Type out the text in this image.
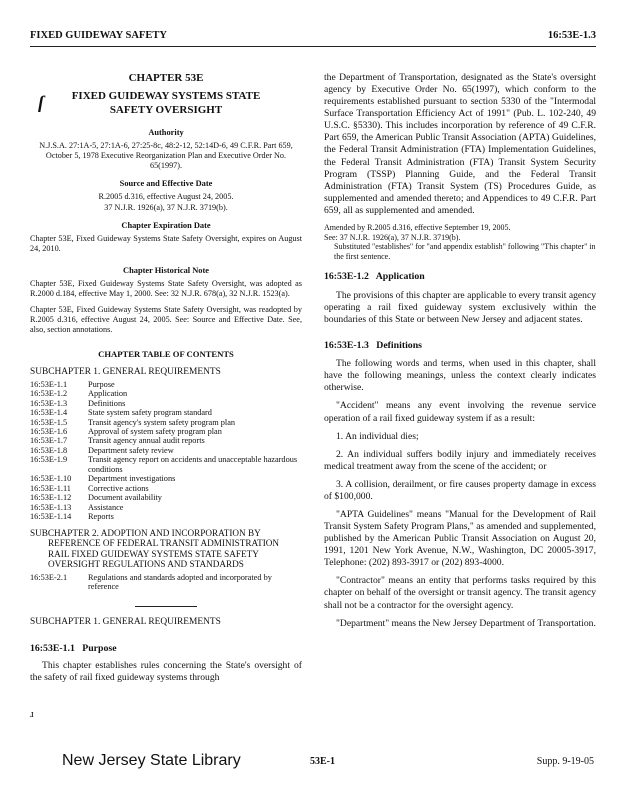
FIXED GUIDEWAY SAFETY	16:53E-1.3
ſ
ɹ
CHAPTER 53E
FIXED GUIDEWAY SYSTEMS STATE SAFETY OVERSIGHT
Authority
N.J.S.A. 27:1A-5, 27:1A-6, 27:25-8c, 48:2-12, 52:14D-6, 49 C.F.R. Part 659, October 5, 1978 Executive Reorganization Plan and Executive Order No. 65(1997).
Source and Effective Date
R.2005 d.316, effective August 24, 2005.
37 N.J.R. 1926(a), 37 N.J.R. 3719(b).
Chapter Expiration Date
Chapter 53E, Fixed Guideway Systems State Safety Oversight, expires on August 24, 2010.
Chapter Historical Note
Chapter 53E, Fixed Guideway Systems State Safety Oversight, was adopted as R.2000 d.184, effective May 1, 2000. See: 32 N.J.R. 678(a), 32 N.J.R. 1523(a).
Chapter 53E, Fixed Guideway Systems State Safety Oversight, was readopted by R.2005 d.316, effective August 24, 2005. See: Source and Effective Date. See, also, section annotations.
CHAPTER TABLE OF CONTENTS
SUBCHAPTER 1. GENERAL REQUIREMENTS
16:53E-1.1	Purpose
16:53E-1.2	Application
16:53E-1.3	Definitions
16:53E-1.4	State system safety program standard
16:53E-1.5	Transit agency's system safety program plan
16:53E-1.6	Approval of system safety program plan
16:53E-1.7	Transit agency annual audit reports
16:53E-1.8	Department safety review
16:53E-1.9	Transit agency report on accidents and unacceptable hazardous conditions
16:53E-1.10	Department investigations
16:53E-1.11	Corrective actions
16:53E-1.12	Document availability
16:53E-1.13	Assistance
16:53E-1.14	Reports
SUBCHAPTER 2. ADOPTION AND INCORPORATION BY REFERENCE OF FEDERAL TRANSIT ADMINISTRATION RAIL FIXED GUIDEWAY SYSTEMS STATE SAFETY OVERSIGHT REGULATIONS AND STANDARDS
16:53E-2.1	Regulations and standards adopted and incorporated by reference
SUBCHAPTER 1. GENERAL REQUIREMENTS
16:53E-1.1   Purpose

This chapter establishes rules concerning the State's oversight of the safety of rail fixed guideway systems through

the Department of Transportation, designated as the State's oversight agency by Executive Order No. 65(1997), which conform to the requirements established pursuant to section 5330 of the "Intermodal Surface Transportation Efficiency Act of 1991" (Pub. L. 102-240, 49 U.S.C. §5330). This includes incorporation by reference of 49 C.F.R. Part 659, the American Public Transit Association (APTA) Guidelines, the Federal Transit Administration (FTA) Implementation Guidelines, the Federal Transit Administration (FTA) Transit System Security Program (TSSP) Planning Guide, and the Federal Transit Administration (FTA) Transit System (TS) Procedures Guide, as supplemented and amended thereto; and Appendices to 49 C.F.R. Part 659, all as supplemented and amended.

Amended by R.2005 d.316, effective September 19, 2005.
See: 37 N.J.R. 1926(a), 37 N.J.R. 3719(b).
Substituted "establishes" for "and appendix establish" following "This chapter" in the first sentence.
16:53E-1.2   Application

The provisions of this chapter are applicable to every transit agency operating a rail fixed guideway system exclusively within the boundaries of this State or between New Jersey and adjacent states.

16:53E-1.3   Definitions

The following words and terms, when used in this chapter, shall have the following meanings, unless the context clearly indicates otherwise.

"Accident" means any event involving the revenue service operation of a rail fixed guideway system if as a result:

1. An individual dies;

2. An individual suffers bodily injury and immediately receives medical treatment away from the scene of the accident; or

3. A collision, derailment, or fire causes property damage in excess of $100,000.

"APTA Guidelines" means "Manual for the Development of Rail Transit System Safety Program Plans," as amended and supplemented, published by the American Public Transit Association on August 20, 1991, 1201 New York Avenue, N.W., Washington, DC 20005-3917, Telephone: (202) 893-3917 or (202) 893-4000.

"Contractor" means an entity that performs tasks required by this chapter on behalf of the oversight or transit agency. The transit agency shall not be a contractor for the oversight agency.

"Department" means the New Jersey Department of Transportation.

New Jersey State Library	53E-1	Supp. 9-19-05
